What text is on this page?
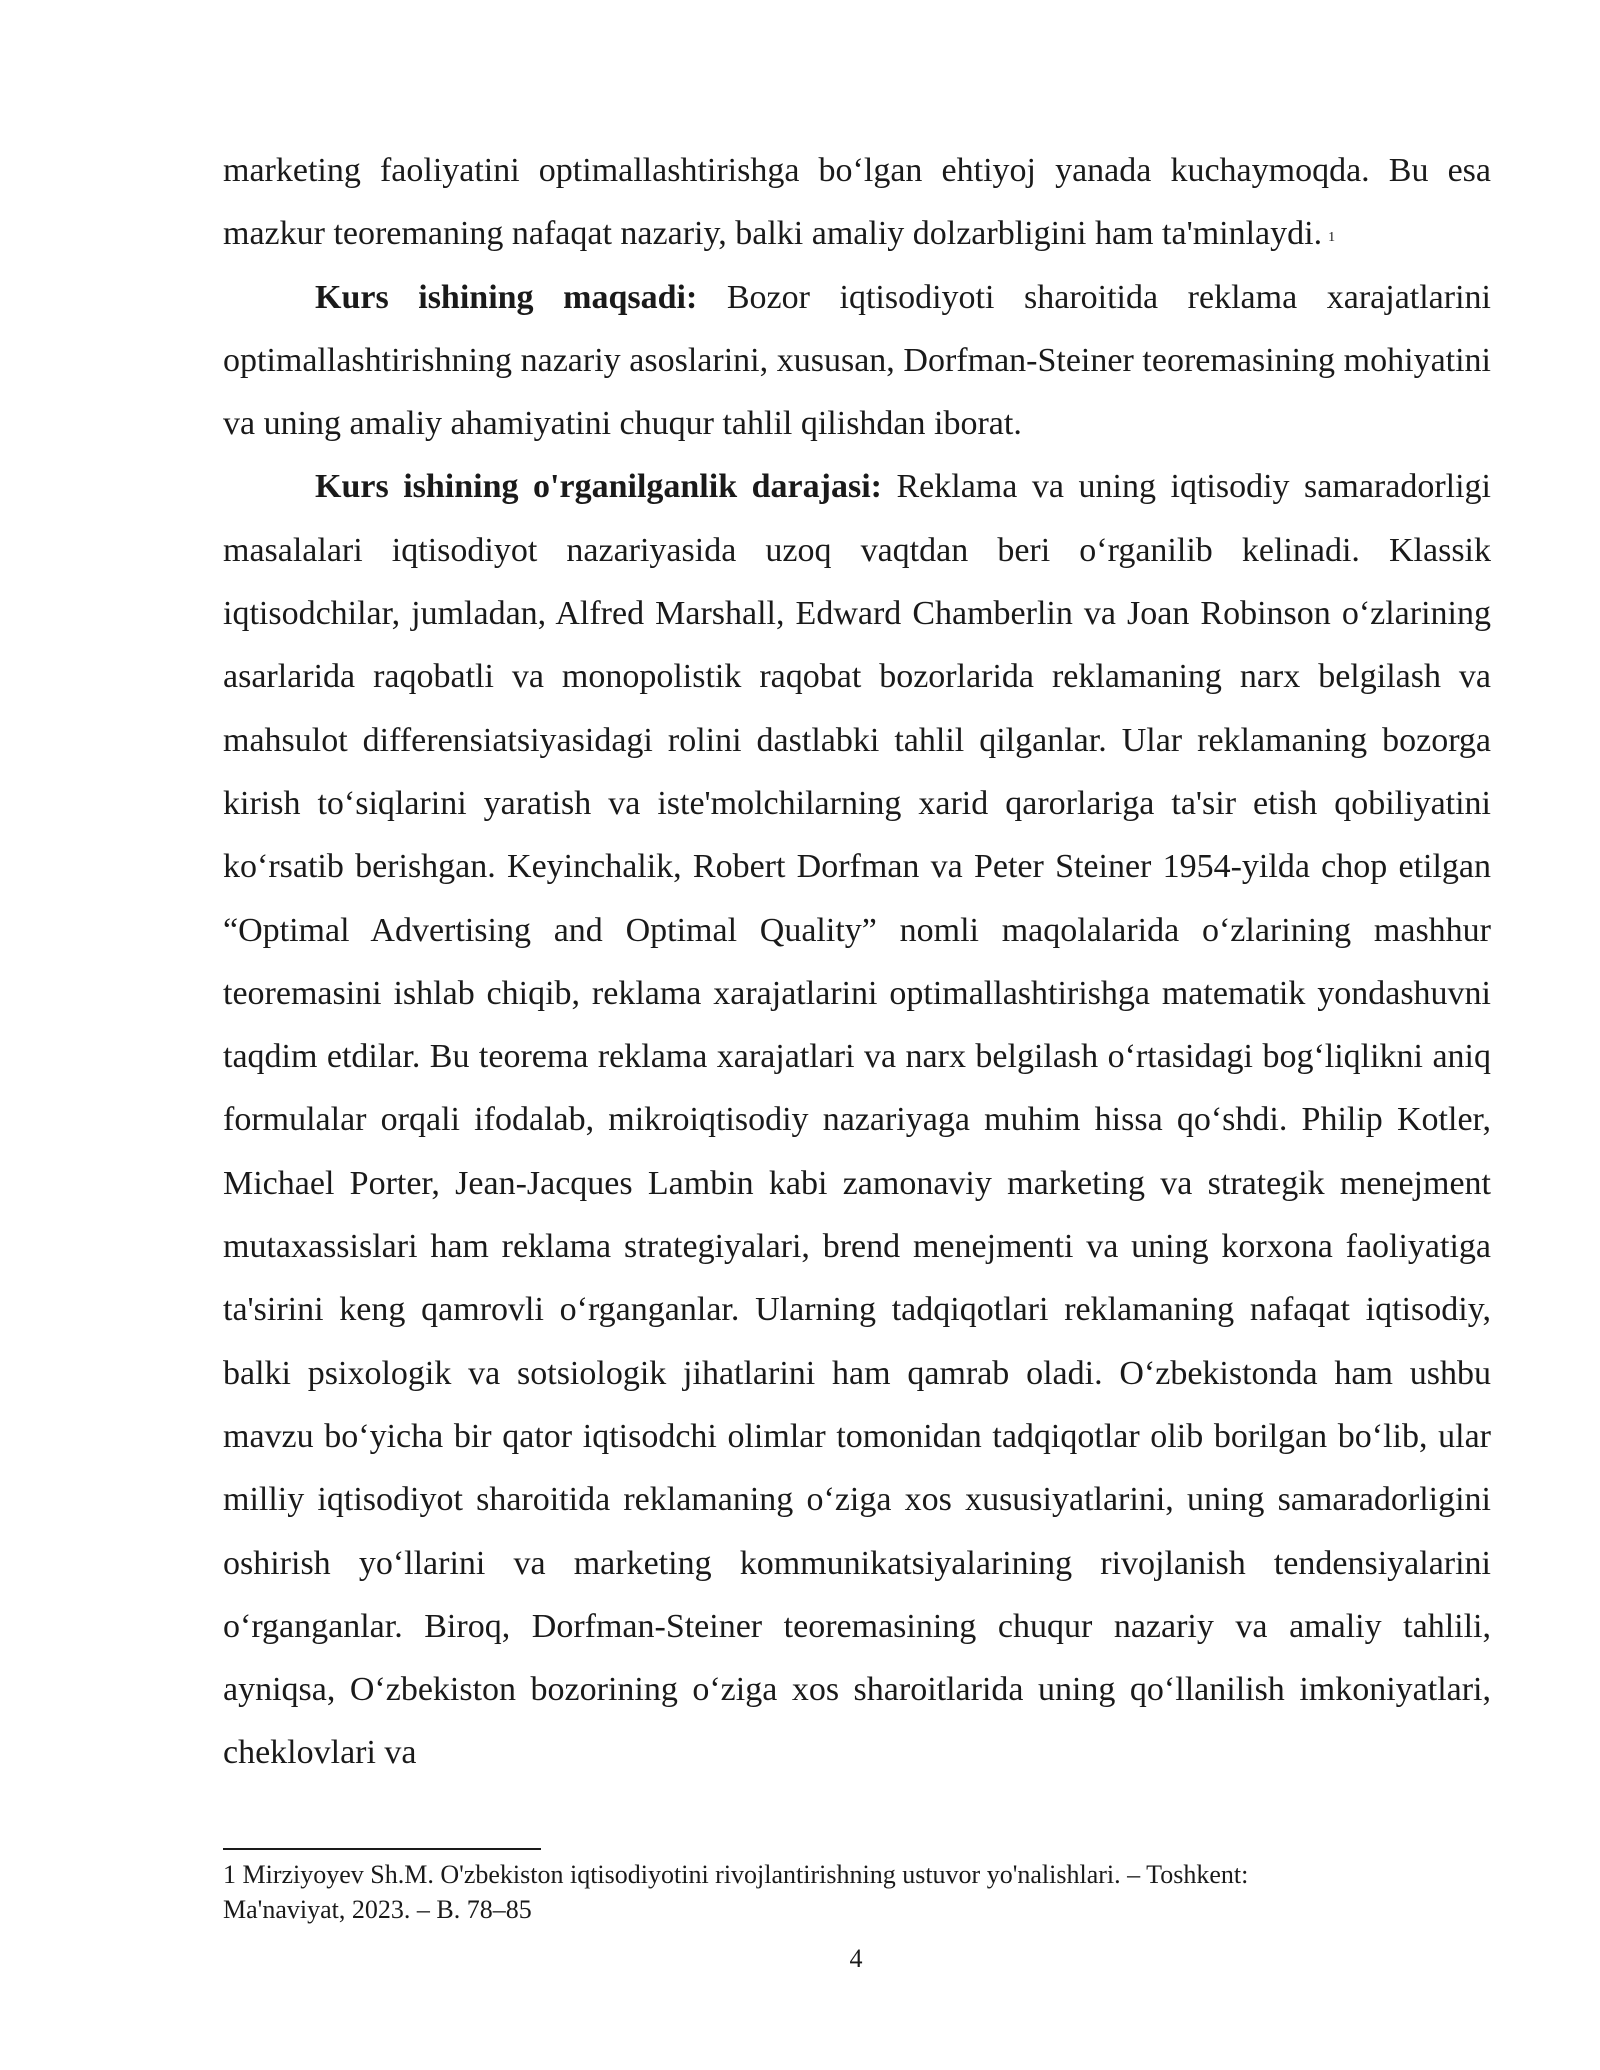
marketing faoliyatini optimallashtirishga bo‘lgan ehtiyoj yanada kuchaymoqda. Bu esa mazkur teoremaning nafaqat nazariy, balki amaliy dolzarbligini ham ta'minlaydi. $^1$

Kurs ishining maqsadi: Bozor iqtisodiyoti sharoitida reklama xarajatlarini optimallashtirishning nazariy asoslarini, xususan, Dorfman-Steiner teoremasining mohiyatini va uning amaliy ahamiyatini chuqur tahlil qilishdan iborat.

Kurs ishining o'rganilganlik darajasi: Reklama va uning iqtisodiy samaradorligi masalalari iqtisodiyot nazariyasida uzoq vaqtdan beri o‘rganilib kelinadi. Klassik iqtisodchilar, jumladan, Alfred Marshall, Edward Chamberlin va Joan Robinson o‘zlarining asarlarida raqobatli va monopolistik raqobat bozorlarida reklamaning narx belgilash va mahsulot differensiatsiyasidagi rolini dastlabki tahlil qilganlar. Ular reklamaning bozorga kirish to‘siqlarini yaratish va iste'molchilarning xarid qarorlariga ta'sir etish qobiliyatini ko‘rsatib berishgan. Keyinchalik, Robert Dorfman va Peter Steiner 1954-yilda chop etilgan “Optimal Advertising and Optimal Quality” nomli maqolalarida o‘zlarining mashhur teoremasini ishlab chiqib, reklama xarajatlarini optimallashtirishga matematik yondashuvni taqdim etdilar. Bu teorema reklama xarajatlari va narx belgilash o‘rtasidagi bog‘liqlikni aniq formulalar orqali ifodalab, mikroiqtisodiy nazariyaga muhim hissa qo‘shdi. Philip Kotler, Michael Porter, Jean-Jacques Lambin kabi zamonaviy marketing va strategik menejment mutaxassislari ham reklama strategiyalari, brend menejmenti va uning korxona faoliyatiga ta'sirini keng qamrovli o‘rganganlar. Ularning tadqiqotlari reklamaning nafaqat iqtisodiy, balki psixologik va sotsiologik jihatlarini ham qamrab oladi. O‘zbekistonda ham ushbu mavzu bo‘yicha bir qator iqtisodchi olimlar tomonidan tadqiqotlar olib borilgan bo‘lib, ular milliy iqtisodiyot sharoitida reklamaning o‘ziga xos xususiyatlarini, uning samaradorligini oshirish yo‘llarini va marketing kommunikatsiyalarining rivojlanish tendensiyalarini o‘rganganlar. Biroq, Dorfman-Steiner teoremasining chuqur nazariy va amaliy tahlili, ayniqsa, O‘zbekiston bozorining o‘ziga xos sharoitlarida uning qo‘llanilish imkoniyatlari, cheklovlari va

1 Mirziyoyev Sh.M. O'zbekiston iqtisodiyotini rivojlantirishning ustuvor yo'nalishlari. – Toshkent:

Ma'naviyat, 2023. – B. 78–85

4
